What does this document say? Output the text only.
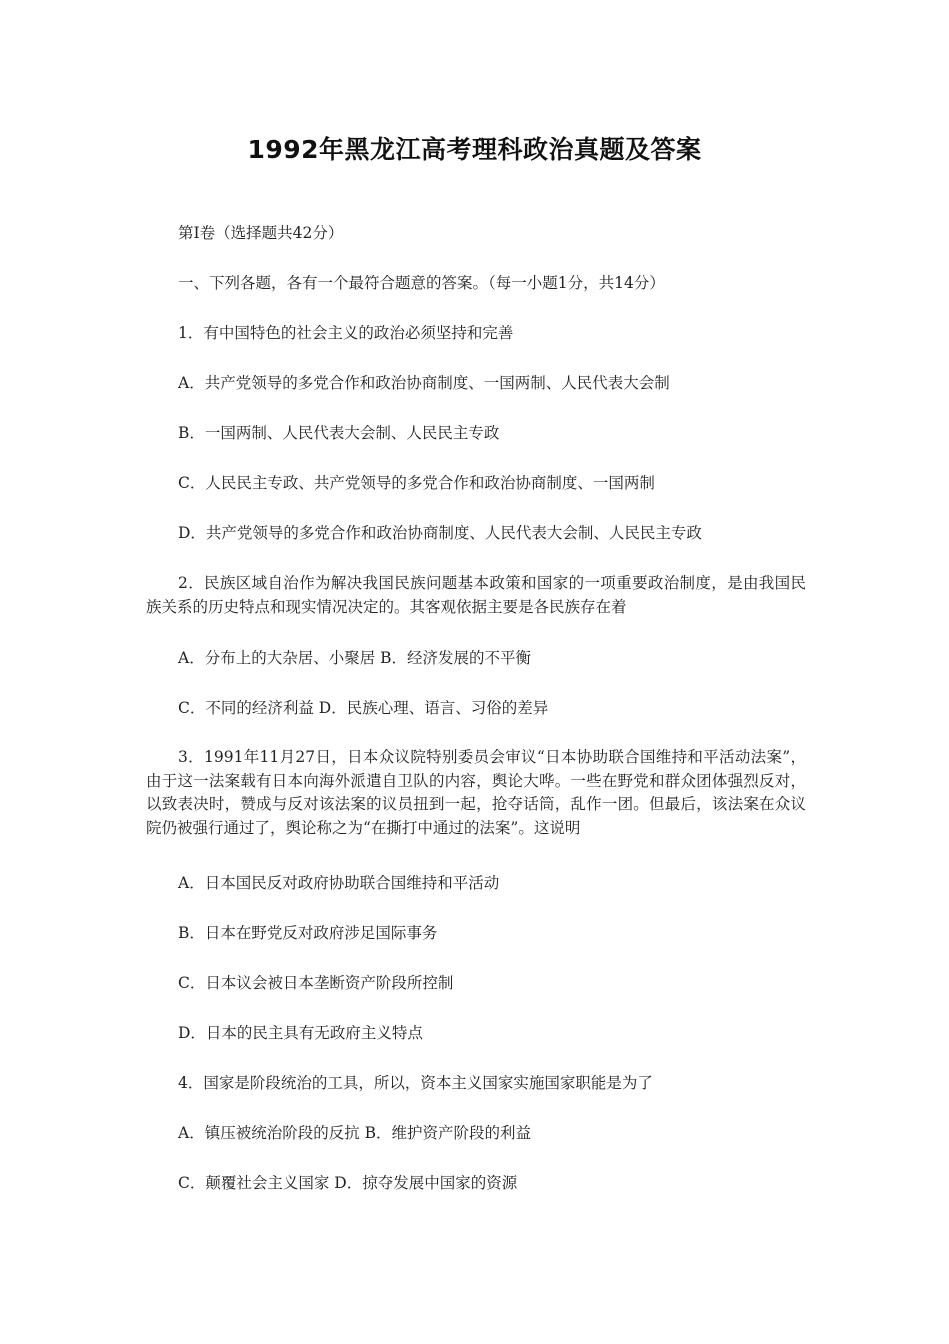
1992年黑龙江高考理科政治真题及答案
第Ⅰ卷（选择题共42分）
一、下列各题，各有一个最符合题意的答案。（每一小题1分，共14分）
1．有中国特色的社会主义的政治必须坚持和完善
A．共产党领导的多党合作和政治协商制度、一国两制、人民代表大会制
B．一国两制、人民代表大会制、人民民主专政
C．人民民主专政、共产党领导的多党合作和政治协商制度、一国两制
D．共产党领导的多党合作和政治协商制度、人民代表大会制、人民民主专政
2．民族区域自治作为解决我国民族问题基本政策和国家的一项重要政治制度，是由我国民族关系的历史特点和现实情况决定的。其客观依据主要是各民族存在着
A．分布上的大杂居、小聚居 B．经济发展的不平衡
C．不同的经济利益 D．民族心理、语言、习俗的差异
3．1991年11月27日，日本众议院特别委员会审议“日本协助联合国维持和平活动法案”，由于这一法案载有日本向海外派遣自卫队的内容，舆论大哗。一些在野党和群众团体强烈反对，以致表决时，赞成与反对该法案的议员扭到一起，抢夺话筒，乱作一团。但最后，该法案在众议院仍被强行通过了，舆论称之为“在撕打中通过的法案”。这说明
A．日本国民反对政府协助联合国维持和平活动
B．日本在野党反对政府涉足国际事务
C．日本议会被日本垄断资产阶段所控制
D．日本的民主具有无政府主义特点
4．国家是阶段统治的工具，所以，资本主义国家实施国家职能是为了
A．镇压被统治阶段的反抗 B．维护资产阶段的利益
C．颠覆社会主义国家 D．掠夺发展中国家的资源
